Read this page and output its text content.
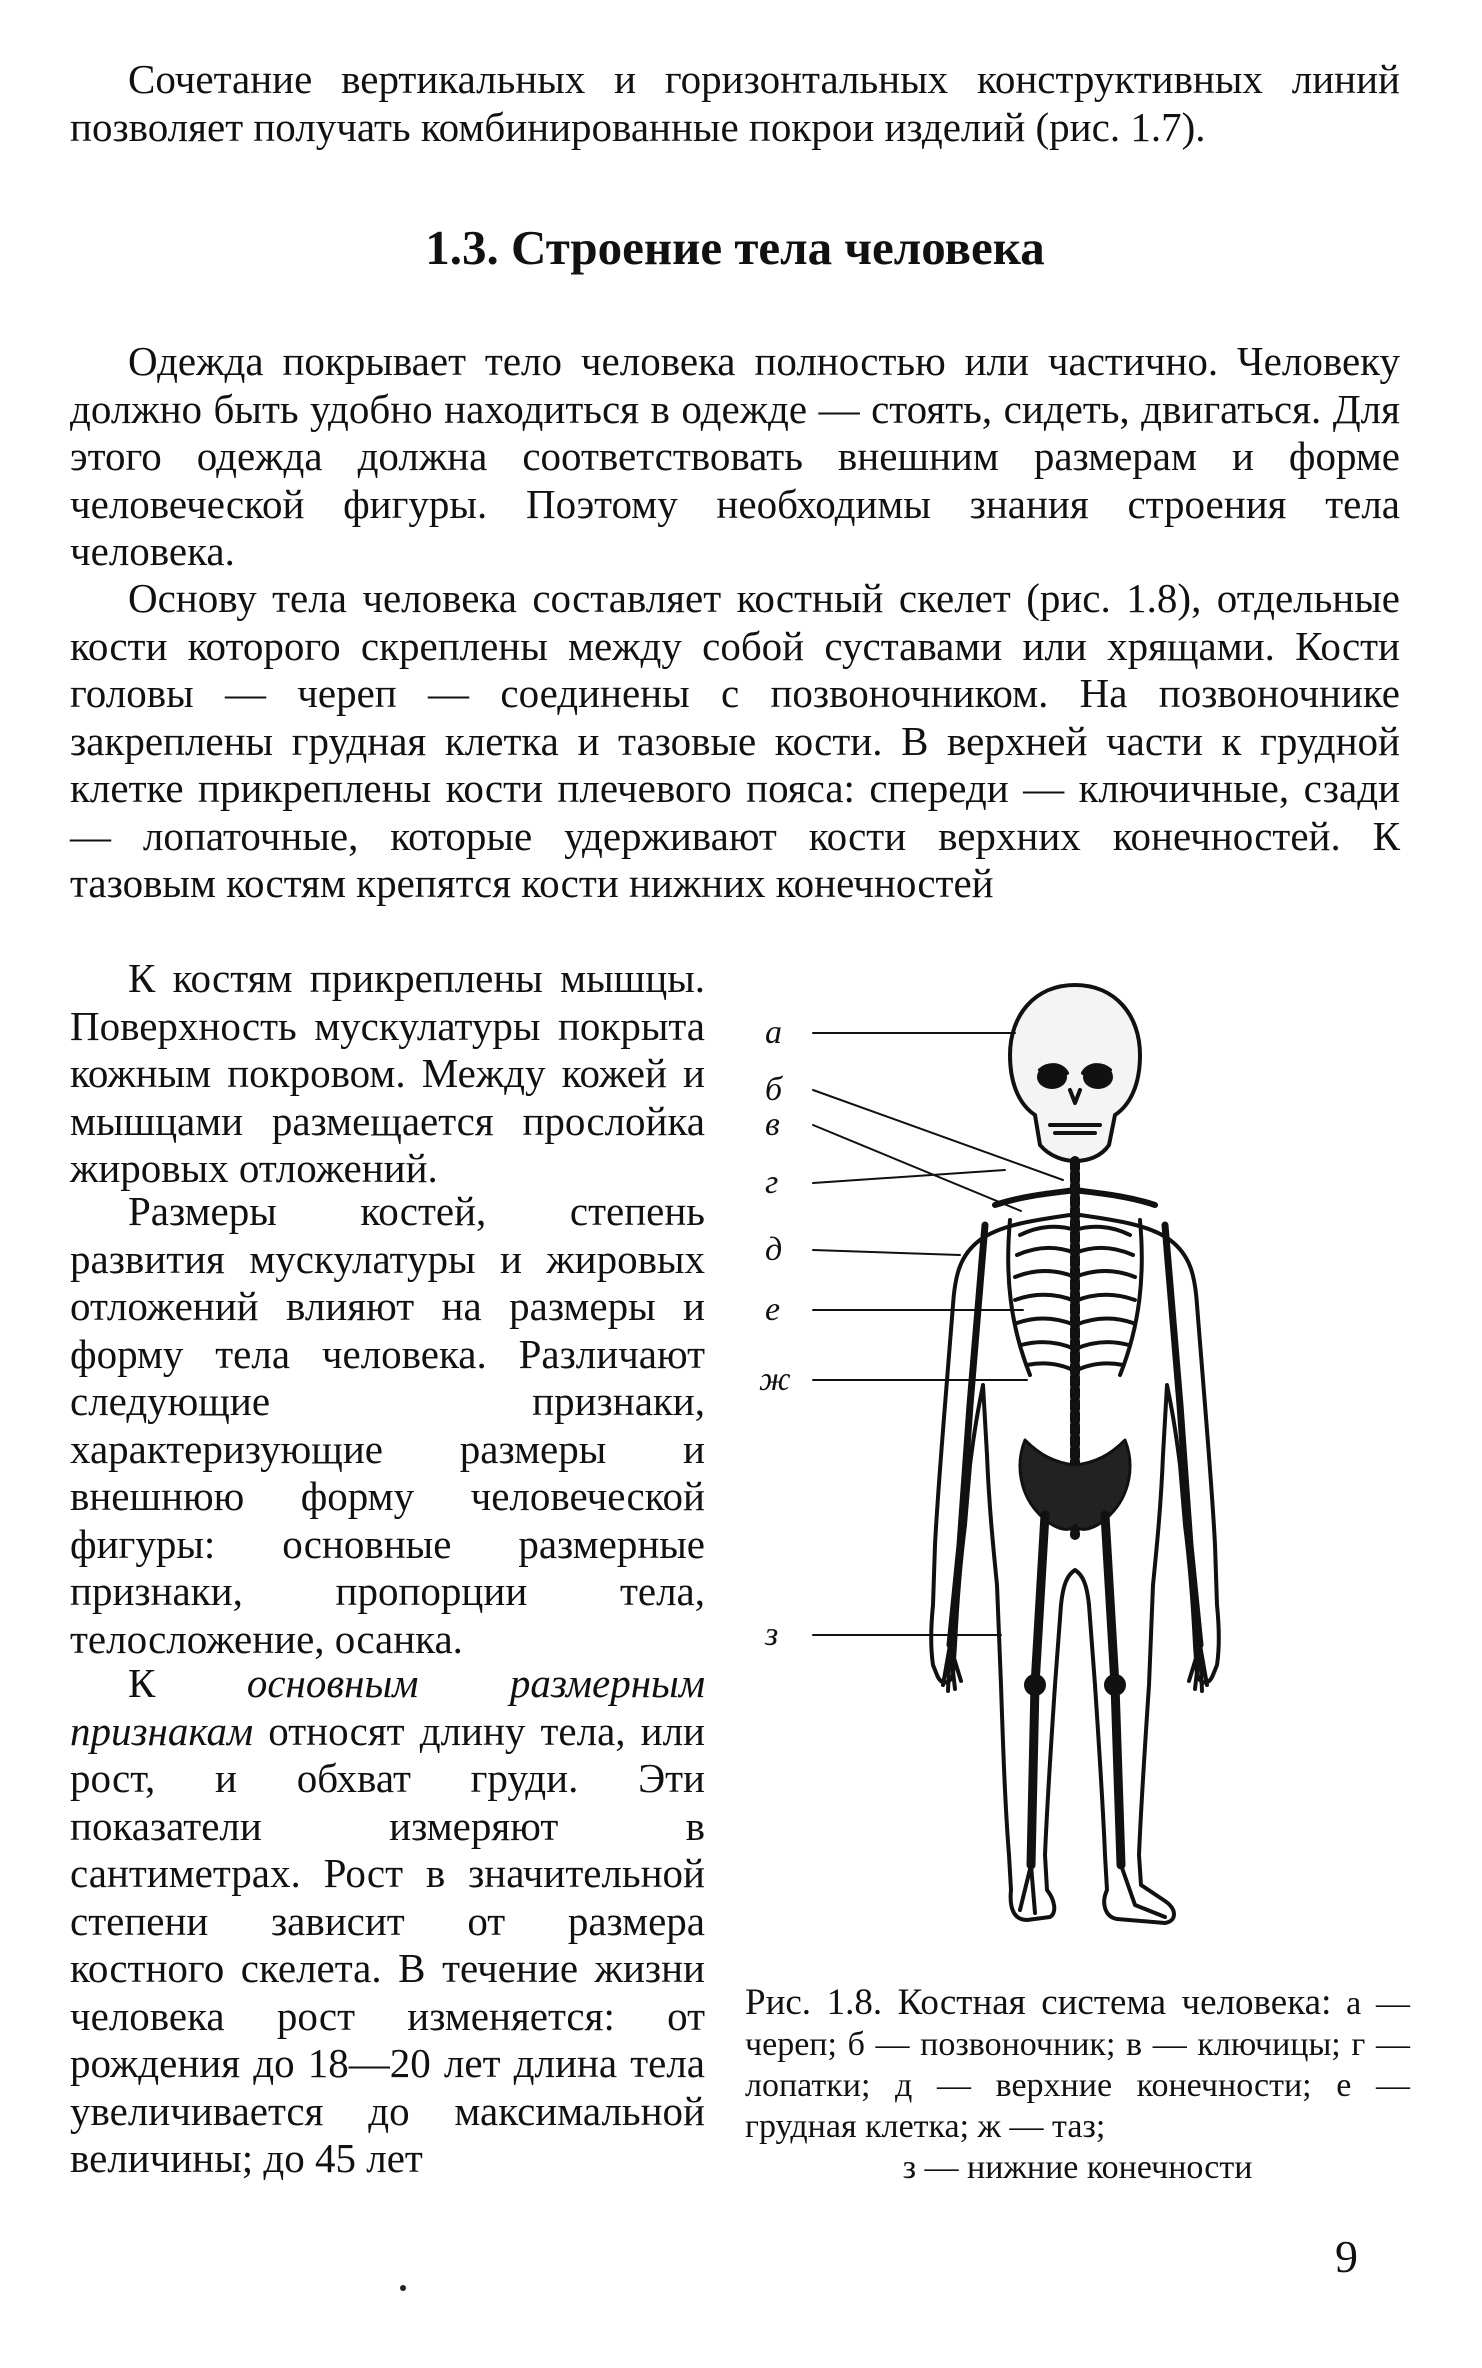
Сочетание вертикальных и горизонтальных конструктивных линий позволяет получать комбинированные покрои изделий (рис. 1.7).

1.3. Строение тела человека

Одежда покрывает тело человека полностью или частично. Человеку должно быть удобно находиться в одежде — стоять, сидеть, двигаться. Для этого одежда должна соответствовать внешним размерам и форме человеческой фигуры. Поэтому необходимы знания строения тела человека.

Основу тела человека составляет костный скелет (рис. 1.8), отдельные кости которого скреплены между собой суставами или хрящами. Кости головы — череп — соединены с позвоночником. На позвоночнике закреплены грудная клетка и тазовые кости. В верхней части к грудной клетке прикреплены кости плечевого пояса: спереди — ключичные, сзади — лопаточные, которые удерживают кости верхних конечностей. К тазовым костям крепятся кости нижних конечностей

К костям прикреплены мышцы. Поверхность мускулатуры покрыта кожным покровом. Между кожей и мышцами размещается прослойка жировых отложений.

Размеры костей, степень развития мускулатуры и жировых отложений влияют на размеры и форму тела человека. Различают следующие признаки, характеризующие размеры и внешнюю форму человеческой фигуры: основные размерные признаки, пропорции тела, телосложение, осанка.

К основным размерным признакам относят длину тела, или рост, и обхват груди. Эти показатели измеряют в сантиметрах. Рост в значительной степени зависит от размера костного скелета. В течение жизни человека рост изменяется: от рождения до 18—20 лет длина тела увеличивается до максимальной величины; до 45 лет

а
б
в
г
д
е
ж
з
Рис. 1.8. Костная система человека: а — череп; б — позвоночник; в — ключицы; г — лопатки; д — верхние конечности; е — грудная клетка; ж — таз;
з — нижние конечности

9
